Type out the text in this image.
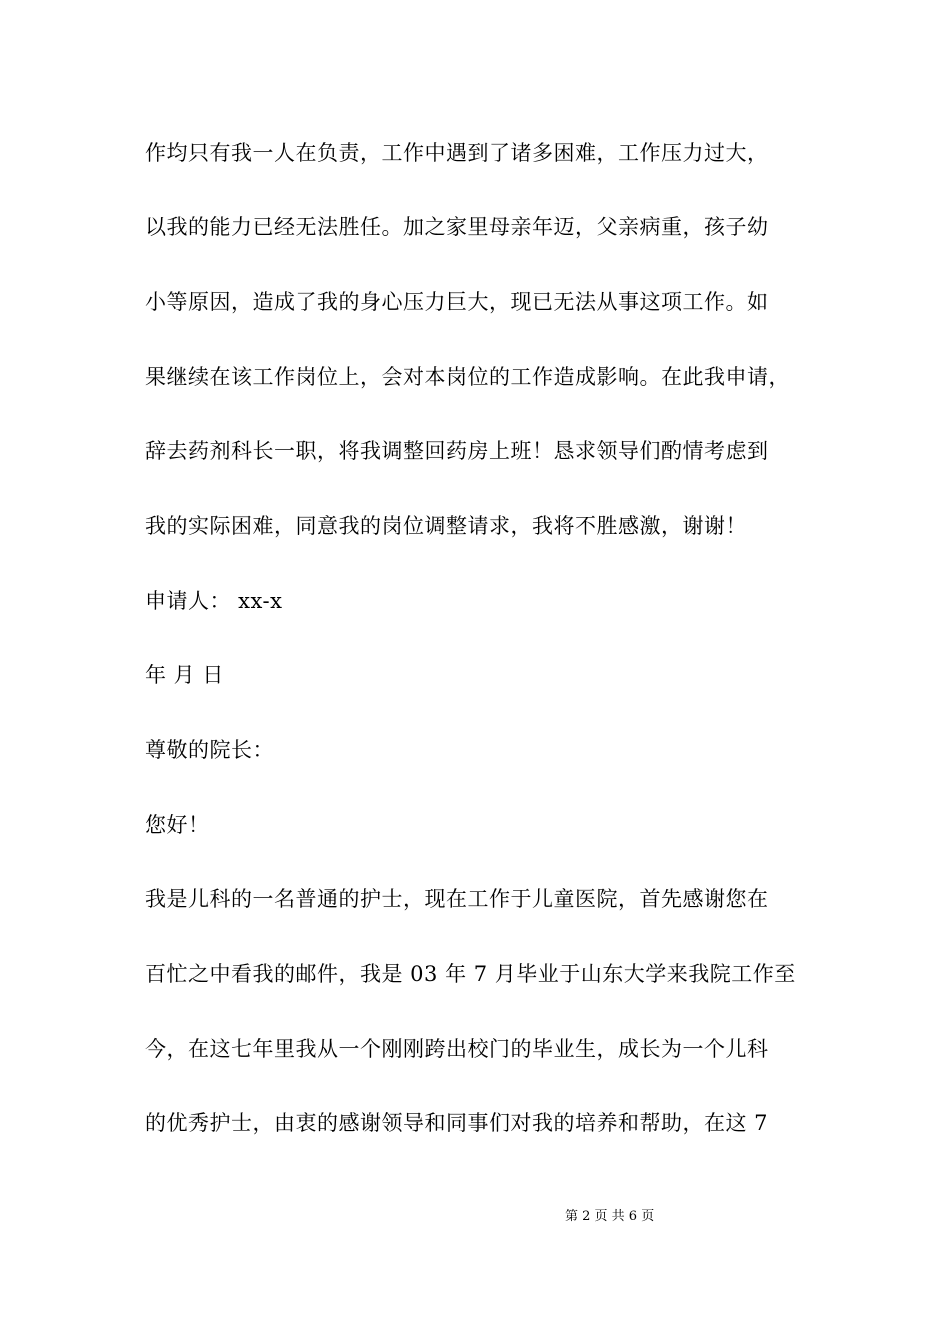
作均只有我一人在负责，工作中遇到了诸多困难，工作压力过大，
以我的能力已经无法胜任。加之家里母亲年迈，父亲病重，孩子幼
小等原因，造成了我的身心压力巨大，现已无法从事这项工作。如
果继续在该工作岗位上，会对本岗位的工作造成影响。在此我申请，
辞去药剂科长一职，将我调整回药房上班！恳求领导们酌情考虑到
我的实际困难，同意我的岗位调整请求，我将不胜感激，谢谢！
申请人： xx-x
年 月 日
尊敬的院长：
您好！
我是儿科的一名普通的护士，现在工作于儿童医院，首先感谢您在
百忙之中看我的邮件，我是 03 年 7 月毕业于山东大学来我院工作至
今，在这七年里我从一个刚刚跨出校门的毕业生，成长为一个儿科
的优秀护士，由衷的感谢领导和同事们对我的培养和帮助，在这 7
第 2 页 共 6 页
